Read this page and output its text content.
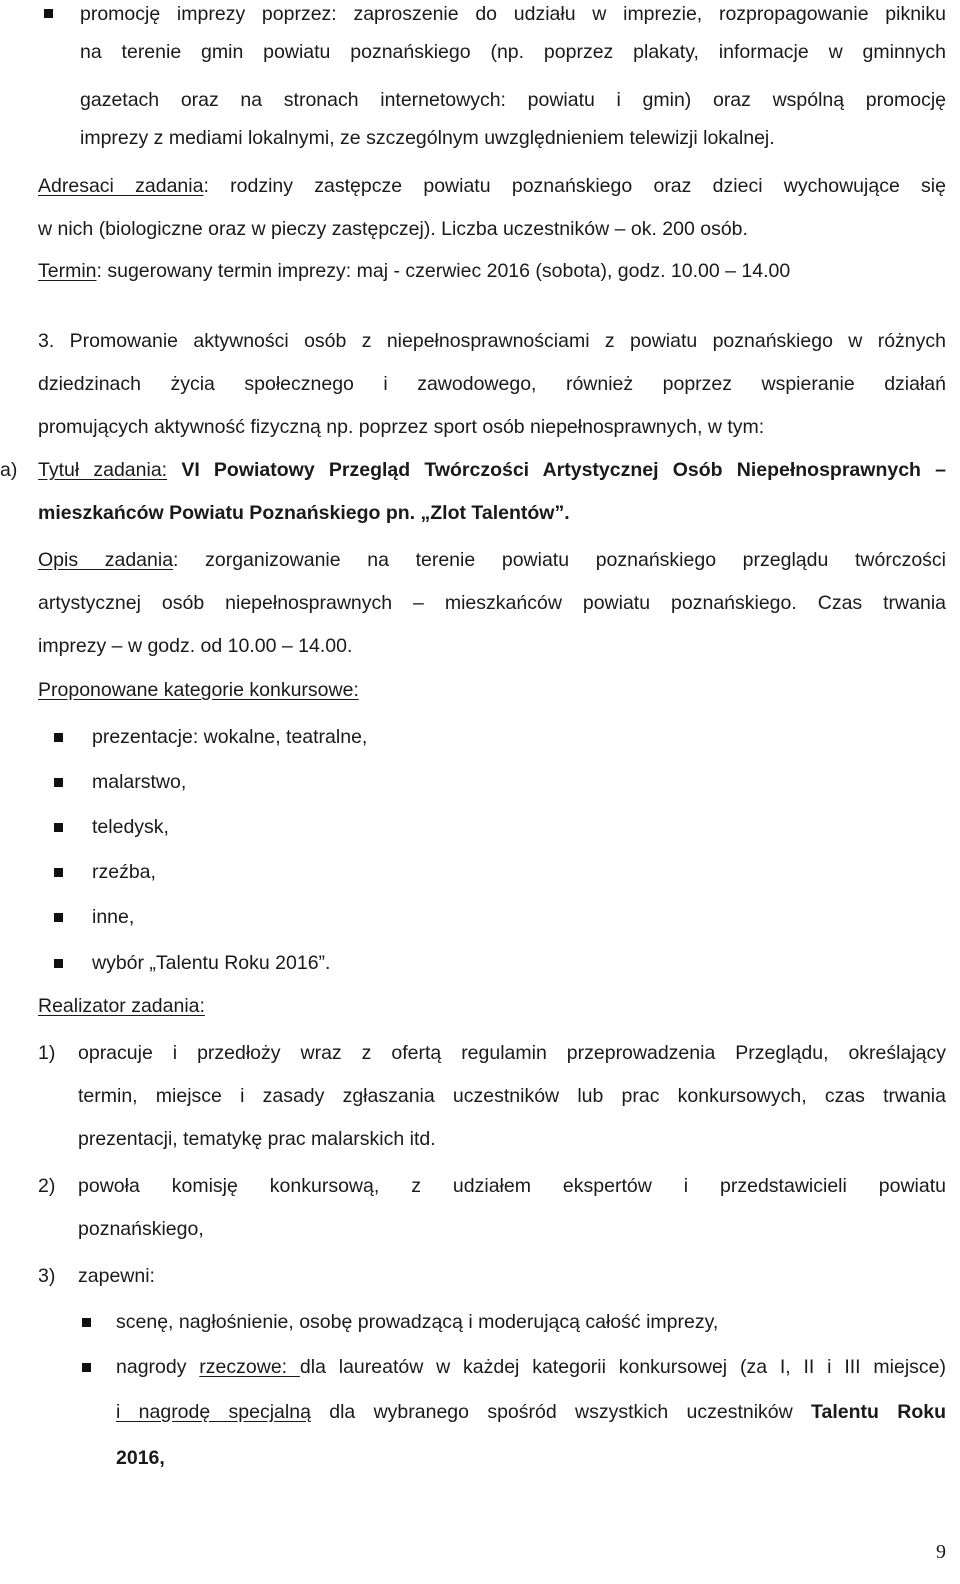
promocję imprezy poprzez: zaproszenie do udziału w imprezie, rozpropagowanie pikniku
na terenie gmin powiatu poznańskiego (np. poprzez plakaty, informacje w gminnych
gazetach oraz na stronach internetowych: powiatu i gmin) oraz wspólną promocję
imprezy z mediami lokalnymi, ze szczególnym uwzględnieniem telewizji lokalnej.
Adresaci zadania: rodziny zastępcze powiatu poznańskiego oraz dzieci wychowujące się
w nich (biologiczne oraz w pieczy zastępczej). Liczba uczestników – ok. 200 osób.
Termin: sugerowany termin imprezy: maj - czerwiec 2016 (sobota), godz. 10.00 – 14.00
3. Promowanie aktywności osób z niepełnosprawnościami z powiatu poznańskiego w różnych
dziedzinach życia społecznego i zawodowego, również poprzez wspieranie działań
promujących aktywność fizyczną np. poprzez sport osób niepełnosprawnych, w tym:
a) Tytuł zadania: VI Powiatowy Przegląd Twórczości Artystycznej Osób Niepełnosprawnych –
mieszkańców Powiatu Poznańskiego pn. „Zlot Talentów”.
Opis zadania: zorganizowanie na terenie powiatu poznańskiego przeglądu twórczości
artystycznej osób niepełnosprawnych – mieszkańców powiatu poznańskiego. Czas trwania
imprezy – w godz. od 10.00 – 14.00.
Proponowane kategorie konkursowe:
prezentacje: wokalne, teatralne,
malarstwo,
teledysk,
rzeźba,
inne,
wybór „Talentu Roku 2016”.
Realizator zadania:
1) opracuje i przedłoży wraz z ofertą regulamin przeprowadzenia Przeglądu, określający
termin, miejsce i zasady zgłaszania uczestników lub prac konkursowych, czas trwania
prezentacji, tematykę prac malarskich itd.
2) powoła komisję konkursową, z udziałem ekspertów i przedstawicieli powiatu
poznańskiego,
3) zapewni:
scenę, nagłośnienie, osobę prowadzącą i moderującą całość imprezy,
nagrody rzeczowe: dla laureatów w każdej kategorii konkursowej (za I, II i III miejsce)
i nagrodę specjalną dla wybranego spośród wszystkich uczestników Talentu Roku
2016,
9
